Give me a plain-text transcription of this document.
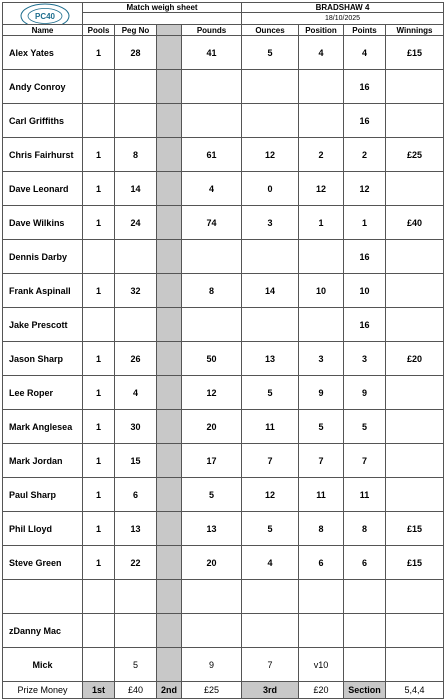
PC40	Match weigh sheet				BRADSHAW 4			
					18/10/2025			
Name	Pools	Peg No		Pounds	Ounces	Position	Points	Winnings
Alex Yates	1	28		41	5	4	4	£15
Andy Conroy							16	
Carl Griffiths							16	
Chris Fairhurst	1	8		61	12	2	2	£25
Dave Leonard	1	14		4	0	12	12	
Dave Wilkins	1	24		74	3	1	1	£40
Dennis Darby							16	
Frank Aspinall	1	32		8	14	10	10	
Jake Prescott							16	
Jason Sharp	1	26		50	13	3	3	£20
Lee Roper	1	4		12	5	9	9	
Mark Anglesea	1	30		20	11	5	5	
Mark Jordan	1	15		17	7	7	7	
Paul Sharp	1	6		5	12	11	11	
Phil Lloyd	1	13		13	5	8	8	£15
Steve Green	1	22		20	4	6	6	£15

zDanny Mac								
Mick		5		9	7	v10		
Prize Money	1st	£40	2nd	£25	3rd	£20	Section	5,4,4
